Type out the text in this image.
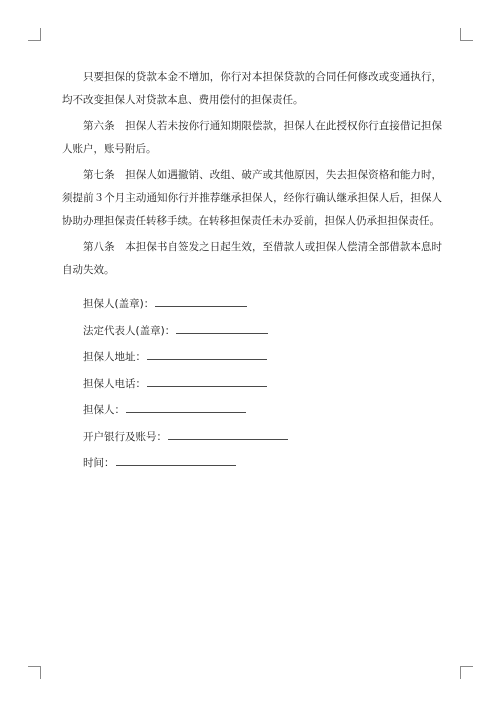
只要担保的贷款本金不增加，你行对本担保贷款的合同任何修改或变通执行，均不改变担保人对贷款本息、费用偿付的担保责任。

第六条　担保人若未按你行通知期限偿款，担保人在此授权你行直接借记担保人账户，账号附后。

第七条　担保人如遇撤销、改组、破产或其他原因，失去担保资格和能力时，须提前３个月主动通知你行并推荐继承担保人，经你行确认继承担保人后，担保人协助办理担保责任转移手续。在转移担保责任未办妥前，担保人仍承担担保责任。

第八条　本担保书自签发之日起生效，至借款人或担保人偿清全部借款本息时自动失效。

担保人(盖章)：
法定代表人(盖章)：
担保人地址：
担保人电话：
担保人：
开户银行及账号：
时间：
